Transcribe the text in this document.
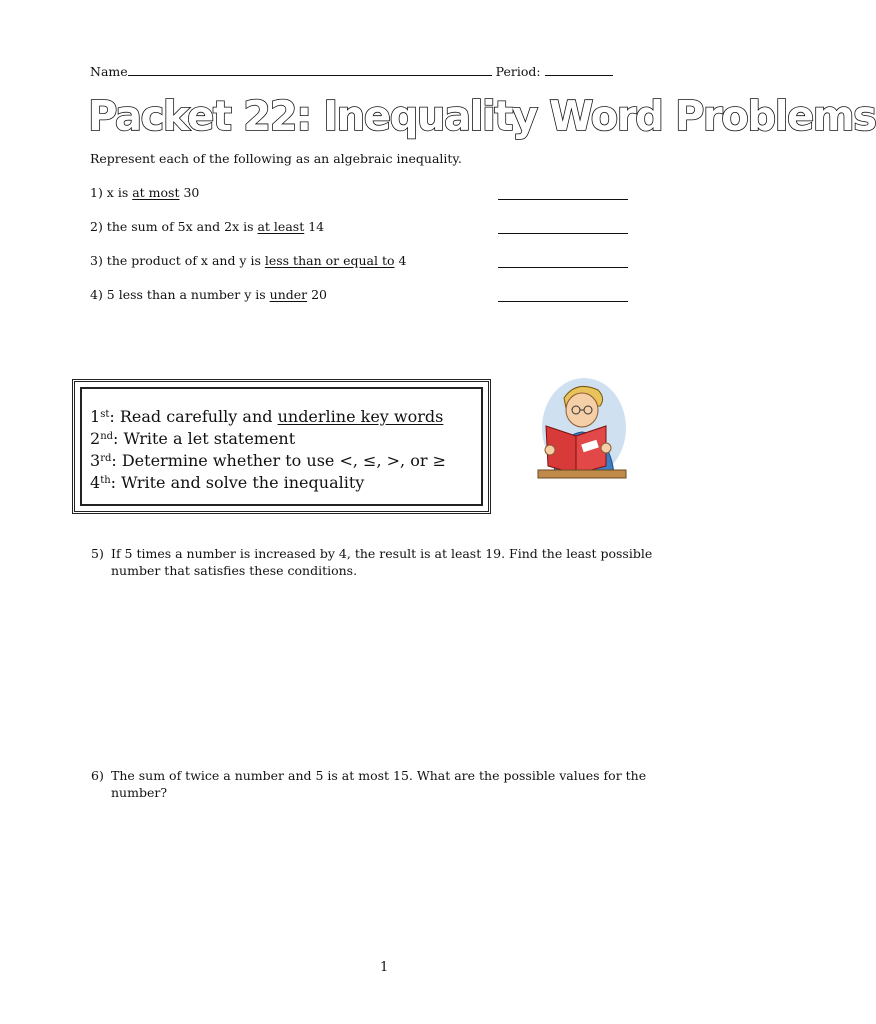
Name	Period:
Packet 22: Inequality Word Problems
Represent each of the following as an algebraic inequality.
1) x is at most 30
2) the sum of 5x and 2x is at least 14
3) the product of x and y is less than or equal to 4
4) 5 less than a number y is under 20
1st: Read carefully and underline key words
2nd: Write a let statement
3rd: Determine whether to use <, ≤, >, or ≥
4th: Write and solve the inequality
5) If 5 times a number is increased by 4, the result is at least 19. Find the least possible
number that satisfies these conditions.
6) The sum of twice a number and 5 is at most 15. What are the possible values for the
number?
1
